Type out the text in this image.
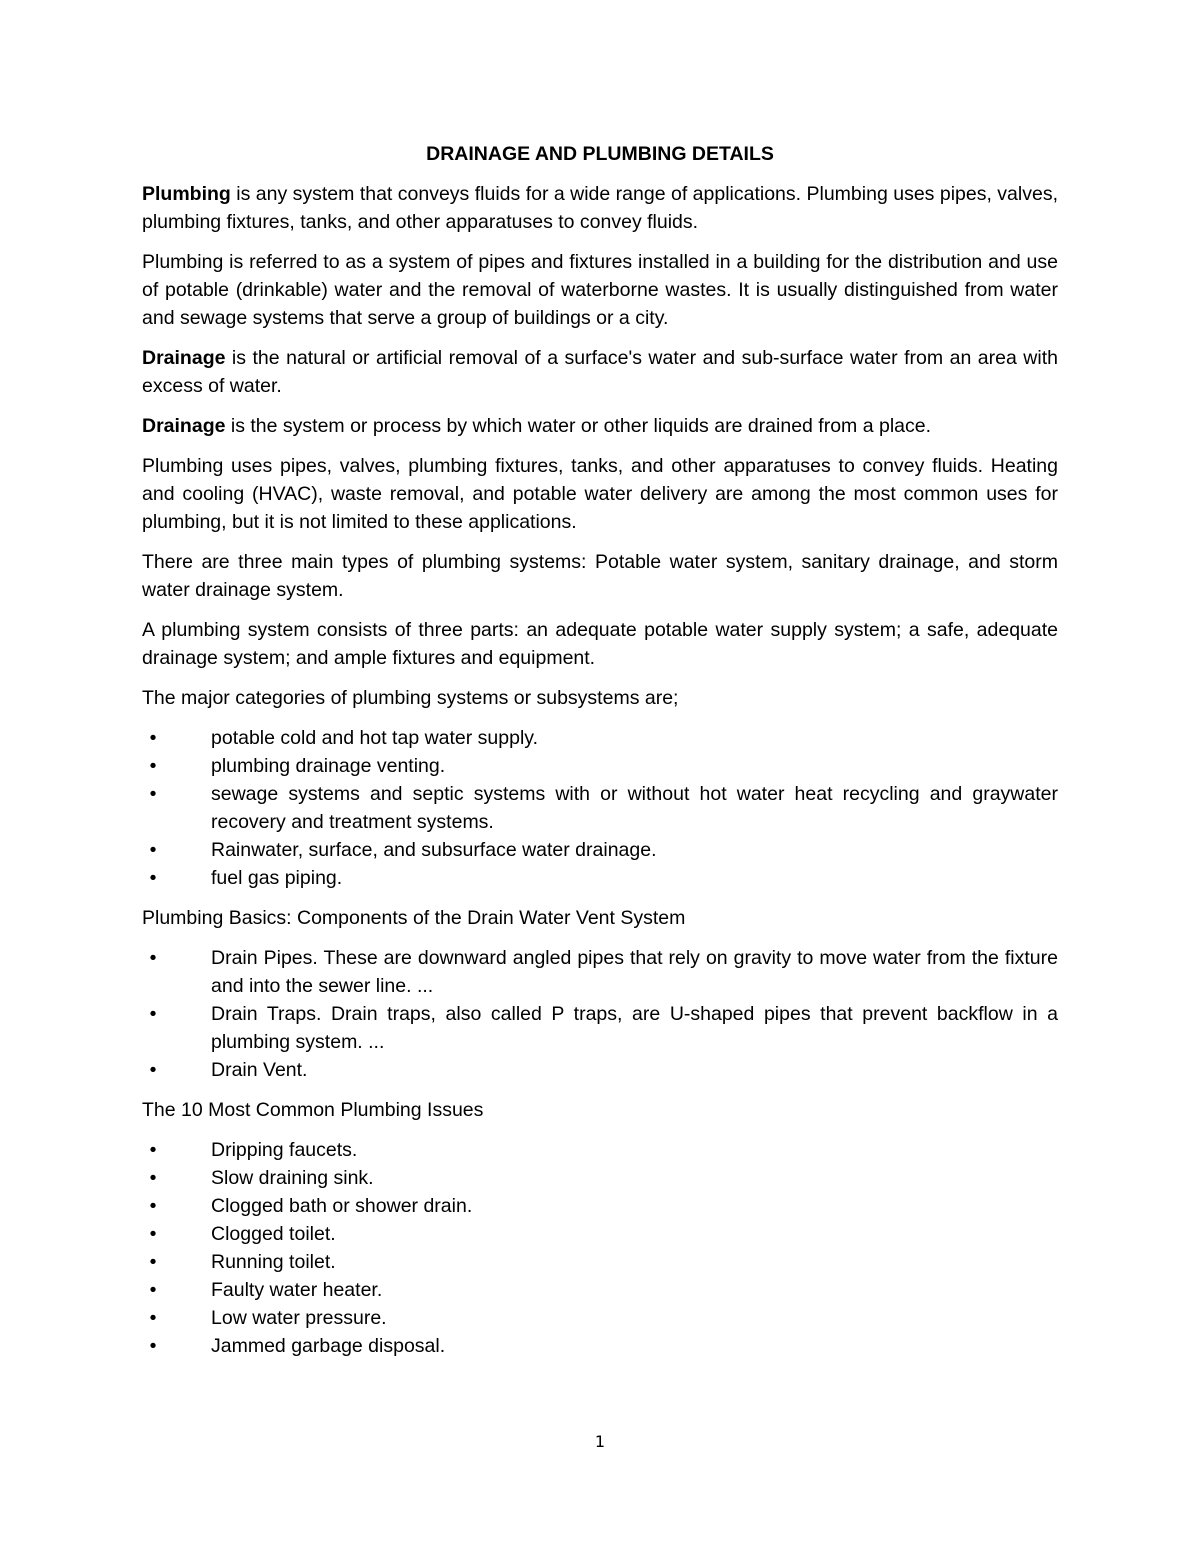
DRAINAGE AND PLUMBING DETAILS

Plumbing is any system that conveys fluids for a wide range of applications. Plumbing uses pipes, valves, plumbing fixtures, tanks, and other apparatuses to convey fluids.

Plumbing is referred to as a system of pipes and fixtures installed in a building for the distribution and use of potable (drinkable) water and the removal of waterborne wastes. It is usually distinguished from water and sewage systems that serve a group of buildings or a city.

Drainage is the natural or artificial removal of a surface's water and sub-surface water from an area with excess of water.

Drainage is the system or process by which water or other liquids are drained from a place.

Plumbing uses pipes, valves, plumbing fixtures, tanks, and other apparatuses to convey fluids. Heating and cooling (HVAC), waste removal, and potable water delivery are among the most common uses for plumbing, but it is not limited to these applications.

There are three main types of plumbing systems: Potable water system, sanitary drainage, and storm water drainage system.

A plumbing system consists of three parts: an adequate potable water supply system; a safe, adequate drainage system; and ample fixtures and equipment.

The major categories of plumbing systems or subsystems are;

•	potable cold and hot tap water supply.
•	plumbing drainage venting.
•	sewage systems and septic systems with or without hot water heat recycling and graywater recovery and treatment systems.
•	Rainwater, surface, and subsurface water drainage.
•	fuel gas piping.

Plumbing Basics: Components of the Drain Water Vent System

•	Drain Pipes. These are downward angled pipes that rely on gravity to move water from the fixture and into the sewer line. ...
•	Drain Traps. Drain traps, also called P traps, are U-shaped pipes that prevent backflow in a plumbing system. ...
•	Drain Vent.

The 10 Most Common Plumbing Issues

•	Dripping faucets.
•	Slow draining sink.
•	Clogged bath or shower drain.
•	Clogged toilet.
•	Running toilet.
•	Faulty water heater.
•	Low water pressure.
•	Jammed garbage disposal.
1
